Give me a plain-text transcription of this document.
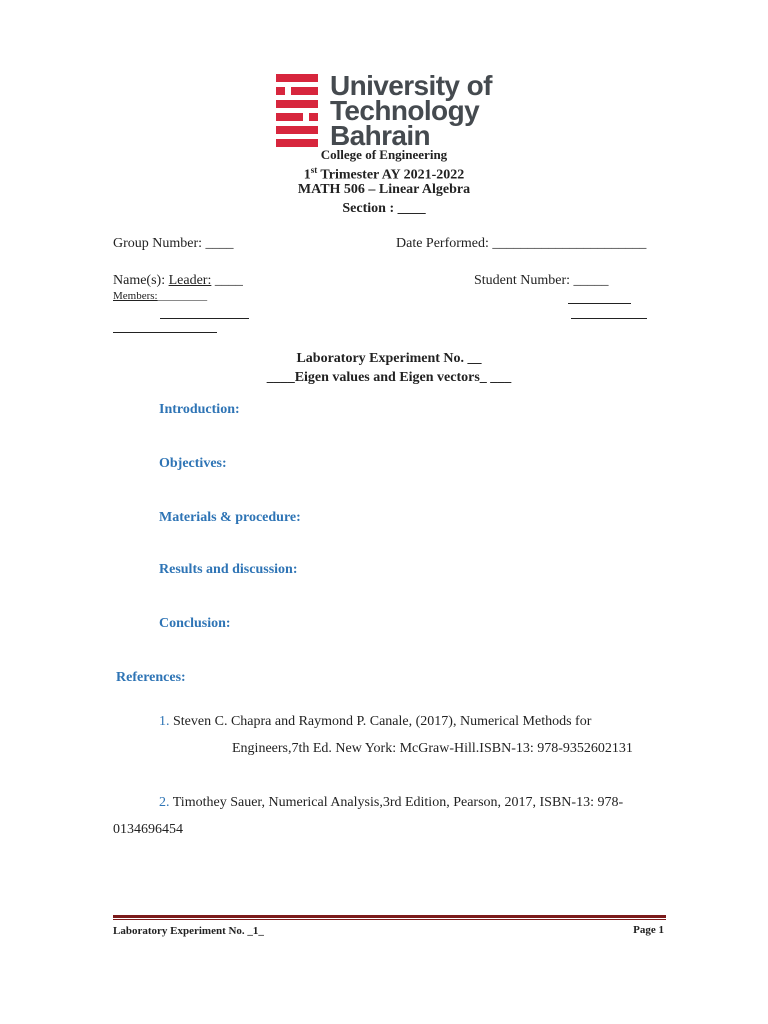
University of
Technology
Bahrain
College of Engineering
1st Trimester AY 2021-2022
MATH 506 – Linear Algebra
Section : ____
Group Number: ____	Date Performed: ______________________
Name(s): Leader: ____	Student Number: _____
Members:_________
Laboratory Experiment No. __
____Eigen values and Eigen vectors_ ___
Introduction:
Objectives:
Materials & procedure:
Results and discussion:
Conclusion:
References:
1. Steven C. Chapra and Raymond P. Canale, (2017), Numerical Methods for
Engineers,7th Ed. New York: McGraw-Hill.ISBN-13: 978-9352602131
2. Timothey Sauer, Numerical Analysis,3rd Edition, Pearson, 2017, ISBN-13: 978-
0134696454
Laboratory Experiment No. _1_	Page 1
